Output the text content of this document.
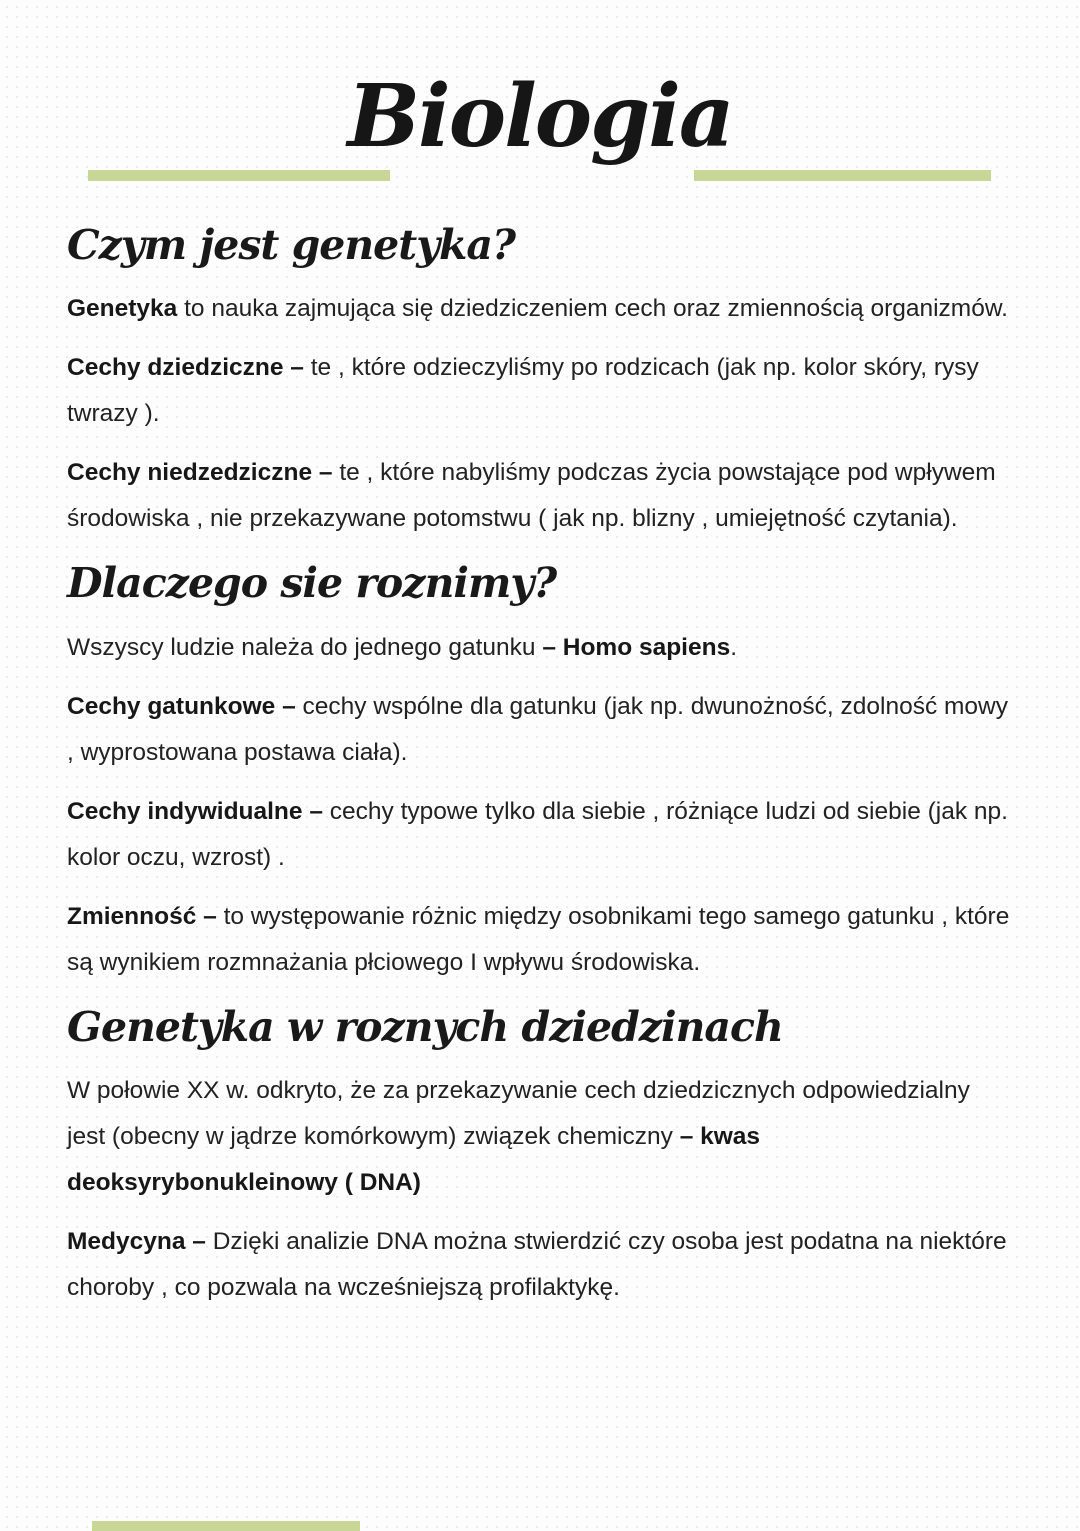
Biologia
Czym jest genetyka?

Genetyka to nauka zajmująca się dziedziczeniem cech oraz zmiennością organizmów.

Cechy dziedziczne – te , które odzieczyliśmy po rodzicach (jak np. kolor skóry, rysy twrazy ).

Cechy niedzedziczne – te , które nabyliśmy podczas życia powstające pod wpływem środowiska , nie przekazywane potomstwu ( jak np. blizny , umiejętność czytania).

Dlaczego sie roznimy?

Wszyscy ludzie należa do jednego gatunku – Homo sapiens.

Cechy gatunkowe – cechy wspólne dla gatunku (jak np. dwunożność, zdolność mowy , wyprostowana postawa ciała).

Cechy indywidualne – cechy typowe tylko dla siebie , różniące ludzi od siebie (jak np. kolor oczu, wzrost) .

Zmienność – to występowanie różnic między osobnikami tego samego gatunku , które są wynikiem rozmnażania płciowego I wpływu środowiska.

Genetyka w roznych dziedzinach

W połowie XX w. odkryto, że za przekazywanie cech dziedzicznych odpowiedzialny jest (obecny w jądrze komórkowym) związek chemiczny – kwas deoksyrybonukleinowy ( DNA)

Medycyna – Dzięki analizie DNA można stwierdzić czy osoba jest podatna na niektóre choroby , co pozwala na wcześniejszą profilaktykę.
